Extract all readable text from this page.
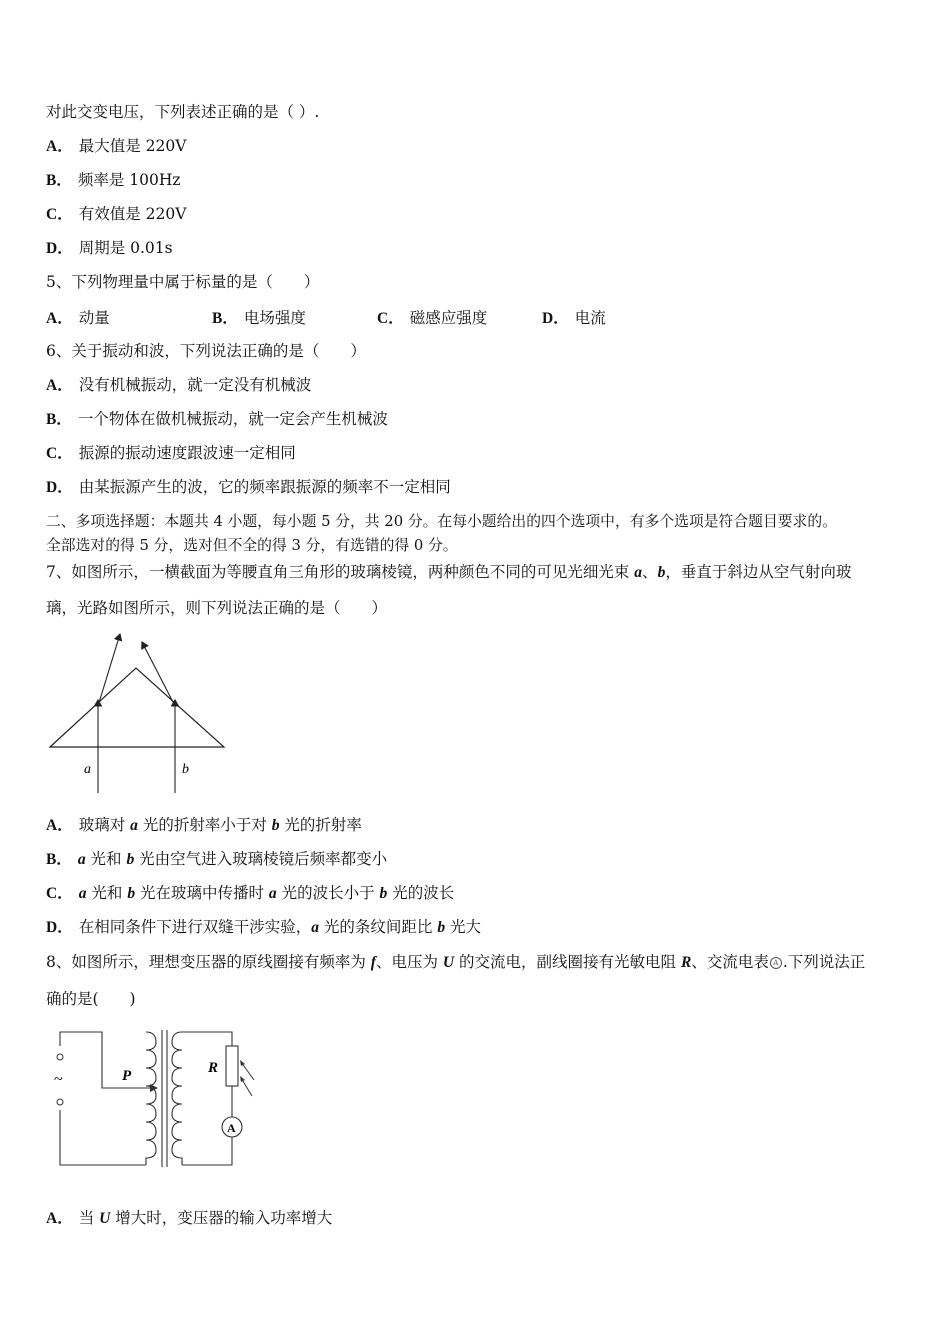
对此交变电压，下列表述正确的是（ ）.
A． 最大值是 220V
B． 频率是 100Hz
C． 有效值是 220V
D． 周期是 0.01s
5、下列物理量中属于标量的是（　　）
A． 动量	B． 电场强度	C． 磁感应强度	D． 电流
6、关于振动和波，下列说法正确的是（　　）
A． 没有机械振动，就一定没有机械波
B． 一个物体在做机械振动，就一定会产生机械波
C． 振源的振动速度跟波速一定相同
D． 由某振源产生的波，它的频率跟振源的频率不一定相同
二、多项选择题：本题共 4 小题，每小题 5 分，共 20 分。在每小题给出的四个选项中，有多个选项是符合题目要求的。
全部选对的得 5 分，选对但不全的得 3 分，有选错的得 0 分。
7、如图所示，一横截面为等腰直角三角形的玻璃棱镜，两种颜色不同的可见光细光束 a、b，垂直于斜边从空气射向玻
璃，光路如图所示，则下列说法正确的是（　　）
a	b
A． 玻璃对 a 光的折射率小于对 b 光的折射率
B． a 光和 b 光由空气进入玻璃棱镜后频率都变小
C． a 光和 b 光在玻璃中传播时 a 光的波长小于 b 光的波长
D． 在相同条件下进行双缝干涉实验，a 光的条纹间距比 b 光大
8、如图所示，理想变压器的原线圈接有频率为 f、电压为 U 的交流电，副线圈接有光敏电阻 R、交流电表 A .下列说法正
确的是(　　)
P
~
R
A
A． 当 U 增大时，变压器的输入功率增大
